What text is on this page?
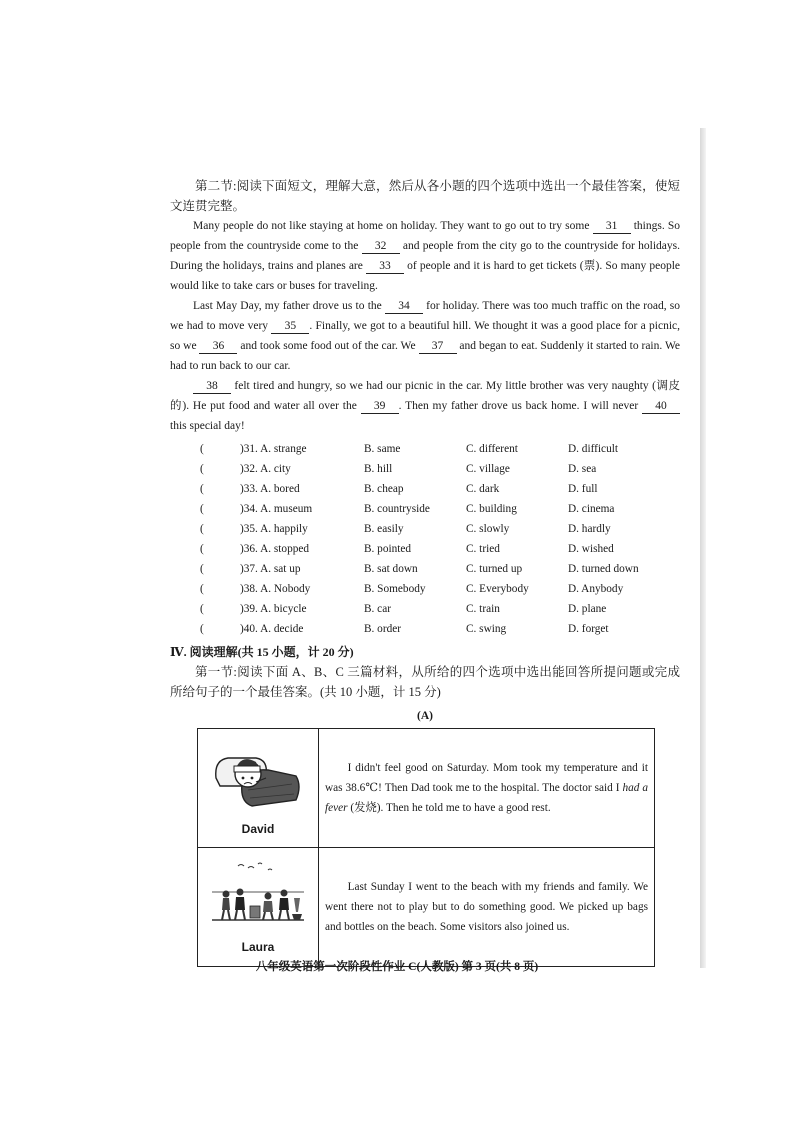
第二节:阅读下面短文，理解大意，然后从各小题的四个选项中选出一个最佳答案，使短文连贯完整。

Many people do not like staying at home on holiday. They want to go out to try some 31 things. So people from the countryside come to the 32 and people from the city go to the countryside for holidays. During the holidays, trains and planes are 33 of people and it is hard to get tickets (票). So many people would like to take cars or buses for traveling.

Last May Day, my father drove us to the 34 for holiday. There was too much traffic on the road, so we had to move very 35 . Finally, we got to a beautiful hill. We thought it was a good place for a picnic, so we 36 and took some food out of the car. We 37 and began to eat. Suddenly it started to rain. We had to run back to our car.

38 felt tired and hungry, so we had our picnic in the car. My little brother was very naughty (调皮的). He put food and water all over the 39 . Then my father drove us back home. I will never 40 this special day!

(	)31. A. strange	B. same	C. different	D. difficult
(	)32. A. city	B. hill	C. village	D. sea
(	)33. A. bored	B. cheap	C. dark	D. full
(	)34. A. museum	B. countryside	C. building	D. cinema
(	)35. A. happily	B. easily	C. slowly	D. hardly
(	)36. A. stopped	B. pointed	C. tried	D. wished
(	)37. A. sat up	B. sat down	C. turned up	D. turned down
(	)38. A. Nobody	B. Somebody	C. Everybody	D. Anybody
(	)39. A. bicycle	B. car	C. train	D. plane
(	)40. A. decide	B. order	C. swing	D. forget
Ⅳ. 阅读理解(共 15 小题，计 20 分)

第一节:阅读下面 A、B、C 三篇材料，从所给的四个选项中选出能回答所提问题或完成所给句子的一个最佳答案。(共 10 小题，计 15 分)

(A)
David	I didn't feel good on Saturday. Mom took my temperature and it was 38.6℃! Then Dad took me to the hospital. The doctor said I had a fever (发烧). Then he told me to have a good rest.

Laura	Last Sunday I went to the beach with my friends and family. We went there not to play but to do something good. We picked up bags and bottles on the beach. Some visitors also joined us.
八年级英语第一次阶段性作业 C(人教版) 第 3 页(共 8 页)
